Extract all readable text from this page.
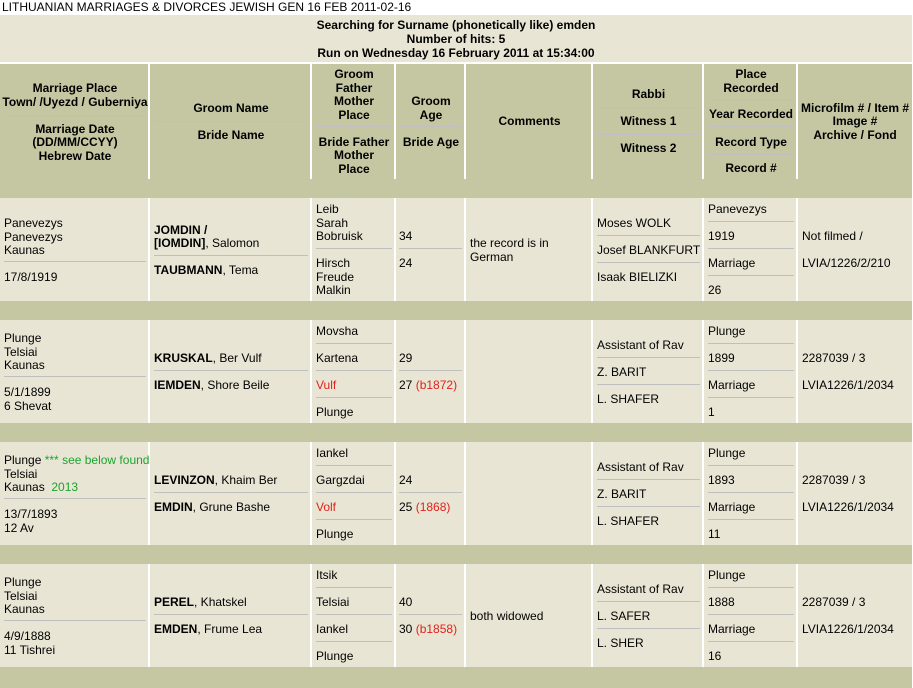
LITHUANIAN MARRIAGES & DIVORCES JEWISH GEN 16 FEB 2011-02-16
Searching for Surname (phonetically like) emden
Number of hits: 5
Run on Wednesday 16 February 2011 at 15:34:00
Marriage Place
Town/ /Uyezd / Guberniya
Marriage Date
(DD/MM/CCYY)
Hebrew Date
Groom Name
Bride Name
Groom
Father
Mother
Place
Bride Father
Mother
Place
Groom
Age
Bride Age
Comments
Rabbi
Witness 1
Witness 2
Place
Recorded
Year Recorded
Record Type
Record #
Microfilm # / Item #
Image #
Archive / Fond
Panevezys
Panevezys
Kaunas
17/8/1919
JOMDIN /
[IOMDIN], Salomon
TAUBMANN, Tema
Leib
Sarah
Bobruisk
Hirsch
Freude
Malkin
34
24
the record is in
German
Moses WOLK
Josef BLANKFURT
Isaak BIELIZKI
Panevezys
1919
Marriage
26
Not filmed /
LVIA/1226/2/210
Plunge
Telsiai
Kaunas
5/1/1899
6 Shevat
KRUSKAL, Ber Vulf
IEMDEN, Shore Beile
Movsha
Kartena
Vulf
Plunge
29
27 (b1872)
Assistant of Rav
Z. BARIT
L. SHAFER
Plunge
1899
Marriage
1
2287039 / 3
LVIA1226/1/2034
Plunge *** see below found
Telsiai
Kaunas 2013
13/7/1893
12 Av
LEVINZON, Khaim Ber
EMDIN, Grune Bashe
Iankel
Gargzdai
Volf
Plunge
24
25 (1868)
Assistant of Rav
Z. BARIT
L. SHAFER
Plunge
1893
Marriage
11
2287039 / 3
LVIA1226/1/2034
Plunge
Telsiai
Kaunas
4/9/1888
11 Tishrei
PEREL, Khatskel
EMDEN, Frume Lea
Itsik
Telsiai
Iankel
Plunge
40
30 (b1858)
both widowed
Assistant of Rav
L. SAFER
L. SHER
Plunge
1888
Marriage
16
2287039 / 3
LVIA1226/1/2034
